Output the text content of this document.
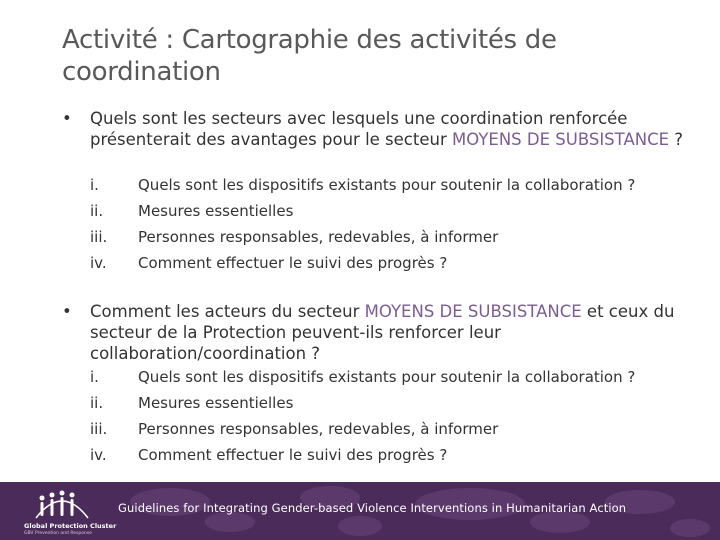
Activité : Cartographie des activités de coordination
• Quels sont les secteurs avec lesquels une coordination renforcée présenterait des avantages pour le secteur MOYENS DE SUBSISTANCE ?
i.	Quels sont les dispositifs existants pour soutenir la collaboration ?
ii.	Mesures essentielles
iii.	Personnes responsables, redevables, à informer
iv.	Comment effectuer le suivi des progrès ?
• Comment les acteurs du secteur MOYENS DE SUBSISTANCE et ceux du secteur de la Protection peuvent-ils renforcer leur collaboration/coordination ?
i.	Quels sont les dispositifs existants pour soutenir la collaboration ?
ii.	Mesures essentielles
iii.	Personnes responsables, redevables, à informer
iv.	Comment effectuer le suivi des progrès ?
Global Protection Cluster
GBV Prevention and Response
Guidelines for Integrating Gender-based Violence Interventions in Humanitarian Action
